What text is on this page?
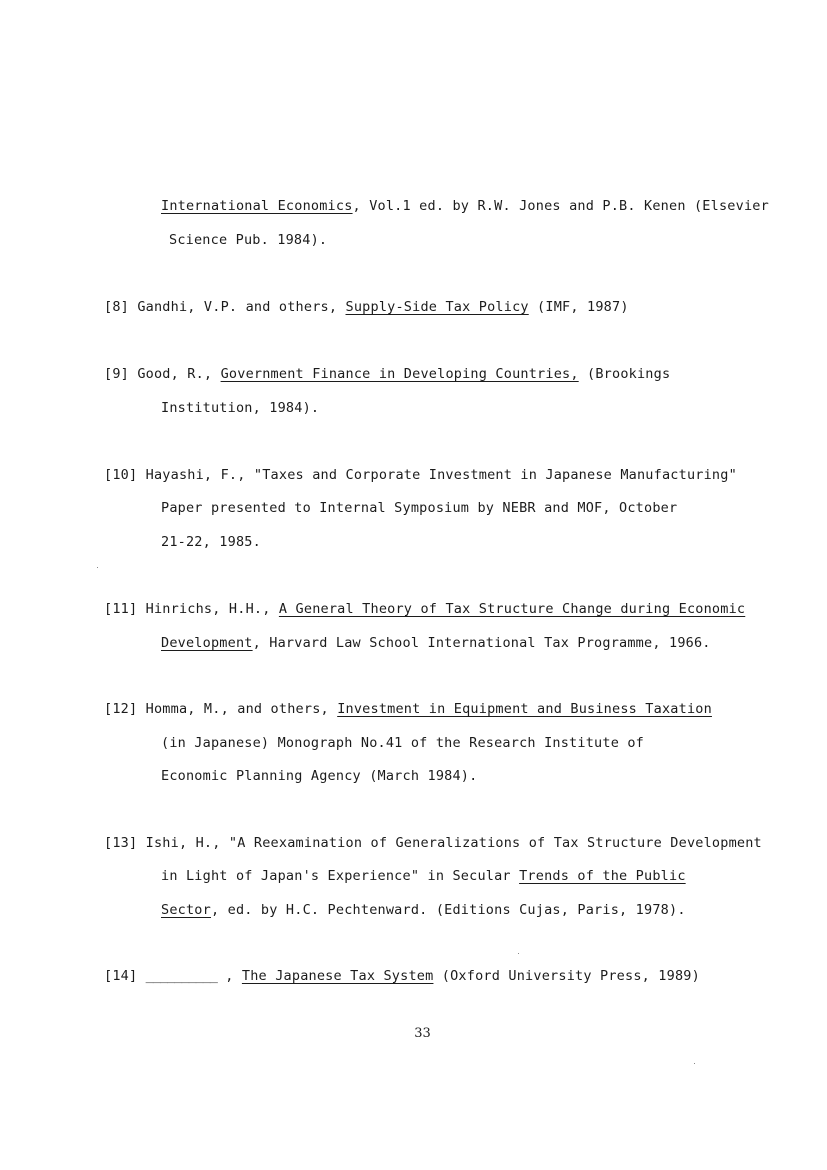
International Economics, Vol.1 ed. by R.W. Jones and P.B. Kenen (Elsevier
Science Pub. 1984).
[8] Gandhi, V.P. and others, Supply-Side Tax Policy (IMF, 1987)
[9] Good, R., Government Finance in Developing Countries, (Brookings
Institution, 1984).
[10] Hayashi, F., "Taxes and Corporate Investment in Japanese Manufacturing"
Paper presented to Internal Symposium by NEBR and MOF, October
21-22, 1985.
[11] Hinrichs, H.H., A General Theory of Tax Structure Change during Economic
Development, Harvard Law School International Tax Programme, 1966.
[12] Homma, M., and others, Investment in Equipment and Business Taxation
(in Japanese) Monograph No.41 of the Research Institute of
Economic Planning Agency (March 1984).
[13] Ishi, H., "A Reexamination of Generalizations of Tax Structure Development
in Light of Japan's Experience" in Secular Trends of the Public
Sector, ed. by H.C. Pechtenward. (Editions Cujas, Paris, 1978).
[14] __________ , The Japanese Tax System (Oxford University Press, 1989)
33
